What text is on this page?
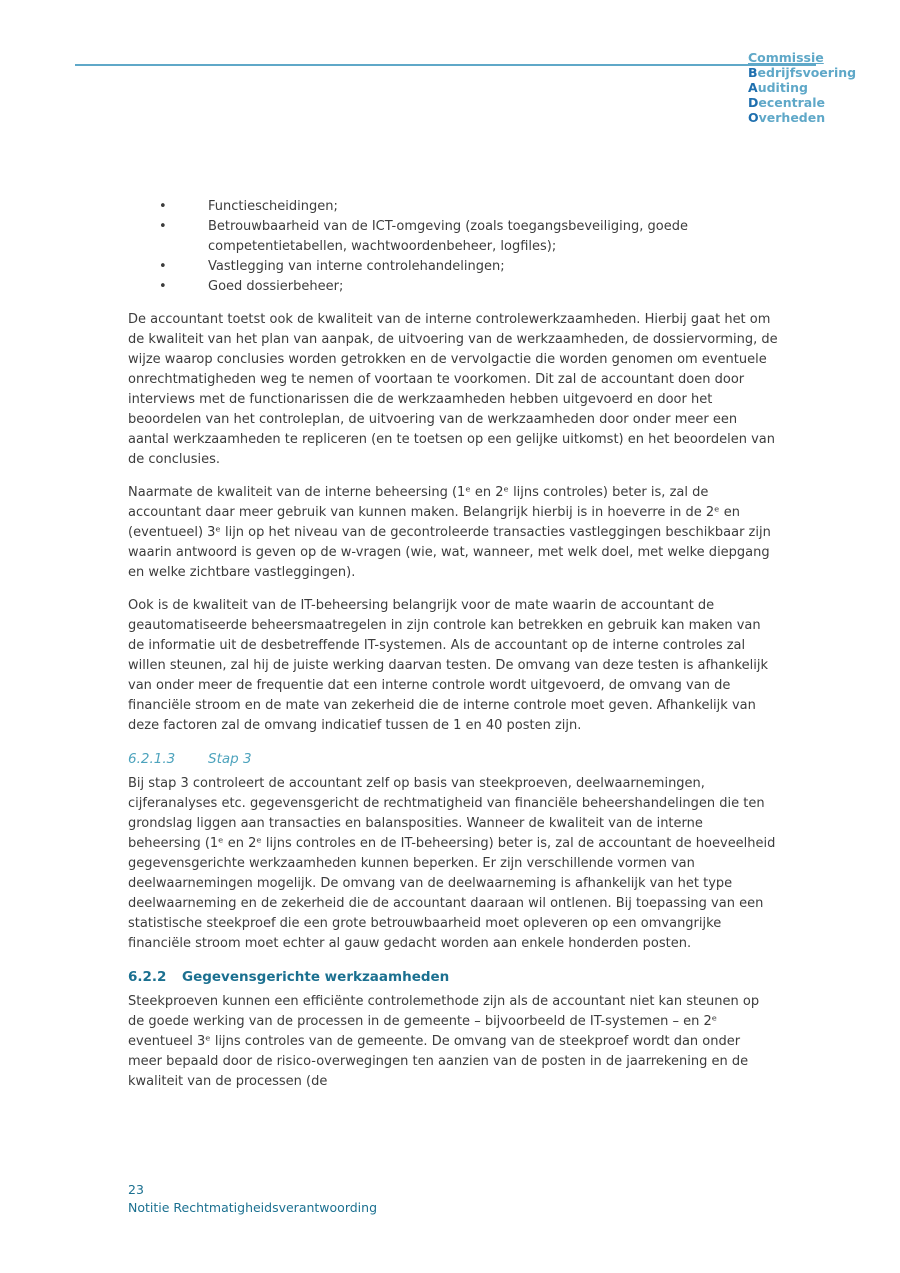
Commissie
Bedrijfsvoering
Auditing
Decentrale
Overheden
• Functiescheidingen;
• Betrouwbaarheid van de ICT-omgeving (zoals toegangsbeveiliging, goede competentietabellen, wachtwoordenbeheer, logfiles);
• Vastlegging van interne controlehandelingen;
• Goed dossierbeheer;

De accountant toetst ook de kwaliteit van de interne controlewerkzaamheden. Hierbij gaat het om de kwaliteit van het plan van aanpak, de uitvoering van de werkzaamheden, de dossiervorming, de wijze waarop conclusies worden getrokken en de vervolgactie die worden genomen om eventuele onrechtmatigheden weg te nemen of voortaan te voorkomen. Dit zal de accountant doen door interviews met de functionarissen die de werkzaamheden hebben uitgevoerd en door het beoordelen van het controleplan, de uitvoering van de werkzaamheden door onder meer een aantal werkzaamheden te repliceren (en te toetsen op een gelijke uitkomst) en het beoordelen van de conclusies.

Naarmate de kwaliteit van de interne beheersing (1ᵉ en 2ᵉ lijns controles) beter is, zal de accountant daar meer gebruik van kunnen maken. Belangrijk hierbij is in hoeverre in de 2ᵉ en (eventueel) 3ᵉ lijn op het niveau van de gecontroleerde transacties vastleggingen beschikbaar zijn waarin antwoord is geven op de w-vragen (wie, wat, wanneer, met welk doel, met welke diepgang en welke zichtbare vastleggingen).

Ook is de kwaliteit van de IT-beheersing belangrijk voor de mate waarin de accountant de geautomatiseerde beheersmaatregelen in zijn controle kan betrekken en gebruik kan maken van de informatie uit de desbetreffende IT-systemen. Als de accountant op de interne controles zal willen steunen, zal hij de juiste werking daarvan testen. De omvang van deze testen is afhankelijk van onder meer de frequentie dat een interne controle wordt uitgevoerd, de omvang van de financiële stroom en de mate van zekerheid die de interne controle moet geven. Afhankelijk van deze factoren zal de omvang indicatief tussen de 1 en 40 posten zijn.

6.2.1.3 Stap 3

Bij stap 3 controleert de accountant zelf op basis van steekproeven, deelwaarnemingen, cijferanalyses etc. gegevensgericht de rechtmatigheid van financiële beheershandelingen die ten grondslag liggen aan transacties en balansposities. Wanneer de kwaliteit van de interne beheersing (1ᵉ en 2ᵉ lijns controles en de IT-beheersing) beter is, zal de accountant de hoeveelheid gegevensgerichte werkzaamheden kunnen beperken. Er zijn verschillende vormen van deelwaarnemingen mogelijk. De omvang van de deelwaarneming is afhankelijk van het type deelwaarneming en de zekerheid die de accountant daaraan wil ontlenen. Bij toepassing van een statistische steekproef die een grote betrouwbaarheid moet opleveren op een omvangrijke financiële stroom moet echter al gauw gedacht worden aan enkele honderden posten.

6.2.2 Gegevensgerichte werkzaamheden

Steekproeven kunnen een efficiënte controlemethode zijn als de accountant niet kan steunen op de goede werking van de processen in de gemeente – bijvoorbeeld de IT-systemen – en 2ᵉ eventueel 3ᵉ lijns controles van de gemeente. De omvang van de steekproef wordt dan onder meer bepaald door de risico-overwegingen ten aanzien van de posten in de jaarrekening en de kwaliteit van de processen (de

23
Notitie Rechtmatigheidsverantwoording
